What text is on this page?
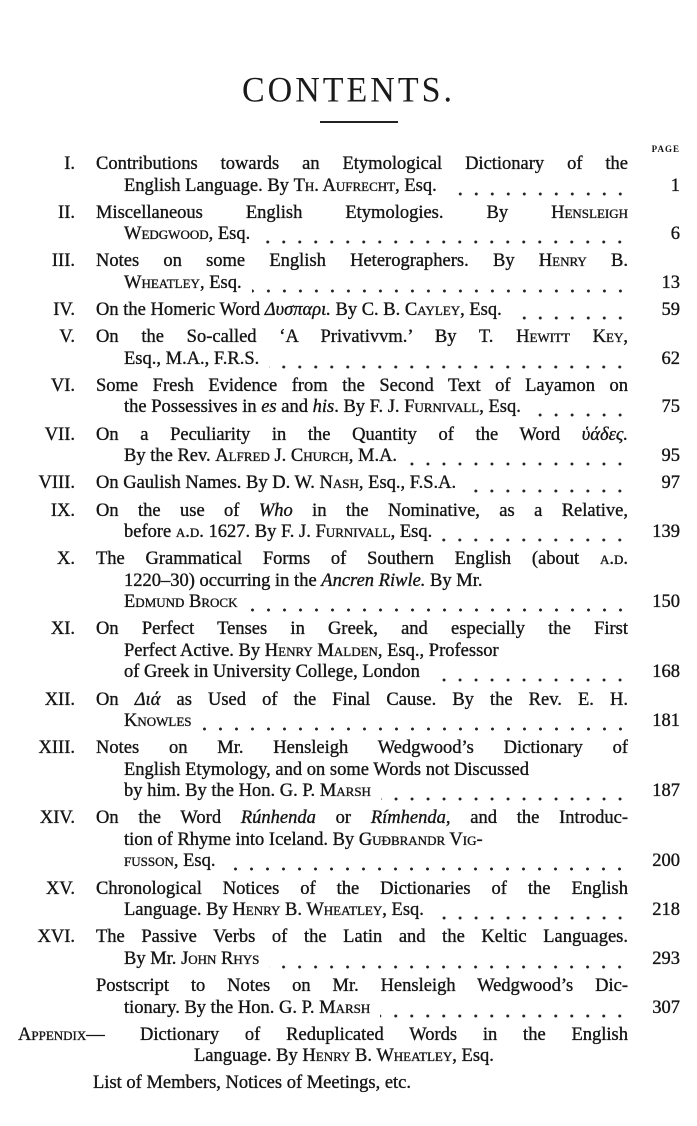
CONTENTS.
PAGE
I. Contributions towards an Etymological Dictionary of the
English Language. By Th. Aufrecht, Esq.	1
II. Miscellaneous English Etymologies. By Hensleigh
Wedgwood, Esq.	6
III. Notes on some English Heterographers. By Henry B.
Wheatley, Esq.	13
IV. On the Homeric Word Δυσπαρι. By C. B. Cayley, Esq.	59
V. On the So-called ‘A Privativvm.’ By T. Hewitt Key,
Esq., M.A., F.R.S.	62
VI. Some Fresh Evidence from the Second Text of Layamon on
the Possessives in es and his. By F. J. Furnivall, Esq.	75
VII. On a Peculiarity in the Quantity of the Word ὑάδες.
By the Rev. Alfred J. Church, M.A.	95
VIII. On Gaulish Names. By D. W. Nash, Esq., F.S.A.	97
IX. On the use of Who in the Nominative, as a Relative,
before a.d. 1627. By F. J. Furnivall, Esq.	139
X. The Grammatical Forms of Southern English (about a.d.
1220–30) occurring in the Ancren Riwle. By Mr.
Edmund Brock	150
XI. On Perfect Tenses in Greek, and especially the First
Perfect Active. By Henry Malden, Esq., Professor
of Greek in University College, London	168
XII. On Διά as Used of the Final Cause. By the Rev. E. H.
Knowles	181
XIII. Notes on Mr. Hensleigh Wedgwood’s Dictionary of
English Etymology, and on some Words not Discussed
by him. By the Hon. G. P. Marsh	187
XIV. On the Word Rúnhenda or Rímhenda, and the Introduc-
tion of Rhyme into Iceland. By Guðbrandr Vig-
fusson, Esq.	200
XV. Chronological Notices of the Dictionaries of the English
Language. By Henry B. Wheatley, Esq.	218
XVI. The Passive Verbs of the Latin and the Keltic Languages.
By Mr. John Rhys	293
Postscript to Notes on Mr. Hensleigh Wedgwood’s Dic-
tionary. By the Hon. G. P. Marsh	307
Appendix— Dictionary of Reduplicated Words in the English
Language. By Henry B. Wheatley, Esq.
List of Members, Notices of Meetings, etc.
